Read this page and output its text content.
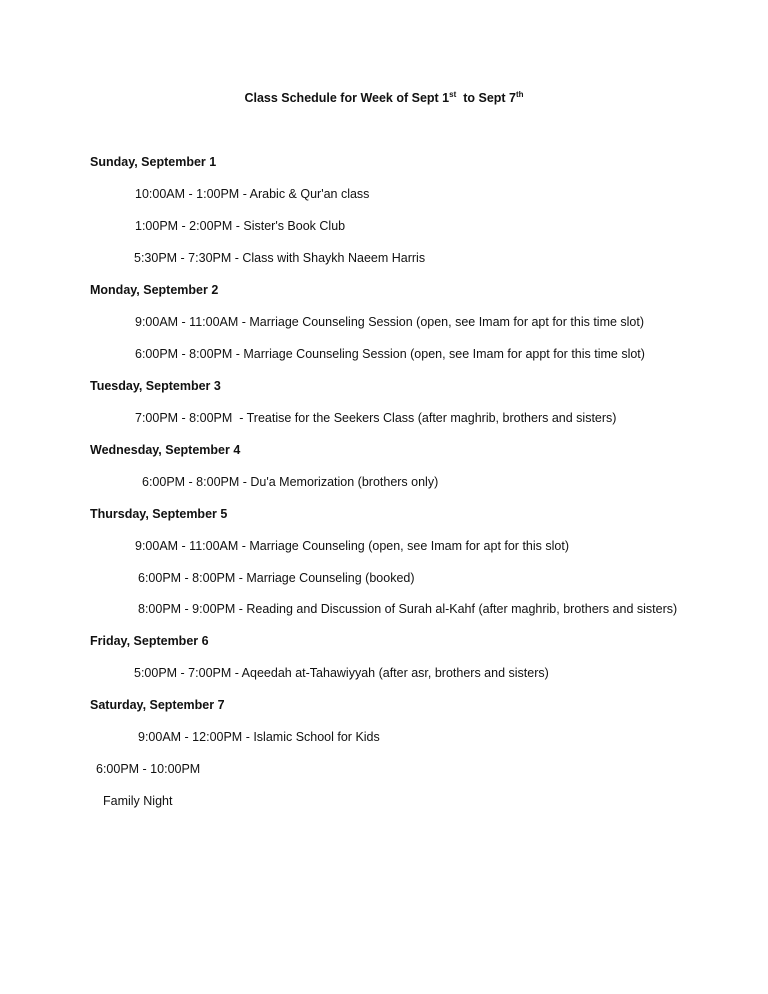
Class Schedule for Week of Sept 1st  to Sept 7th
Sunday, September 1
10:00AM - 1:00PM - Arabic & Qur'an class
1:00PM - 2:00PM - Sister's Book Club
5:30PM - 7:30PM - Class with Shaykh Naeem Harris
Monday, September 2
9:00AM - 11:00AM - Marriage Counseling Session (open, see Imam for apt for this time slot)
6:00PM - 8:00PM - Marriage Counseling Session (open, see Imam for appt for this time slot)
Tuesday, September 3
7:00PM - 8:00PM  - Treatise for the Seekers Class (after maghrib, brothers and sisters)
Wednesday, September 4
6:00PM - 8:00PM - Du'a Memorization (brothers only)
Thursday, September 5
9:00AM - 11:00AM - Marriage Counseling (open, see Imam for apt for this slot)
6:00PM - 8:00PM - Marriage Counseling (booked)
8:00PM - 9:00PM - Reading and Discussion of Surah al-Kahf (after maghrib, brothers and sisters)
Friday, September 6
5:00PM - 7:00PM - Aqeedah at-Tahawiyyah (after asr, brothers and sisters)
Saturday, September 7
9:00AM - 12:00PM - Islamic School for Kids
6:00PM - 10:00PM
Family Night
